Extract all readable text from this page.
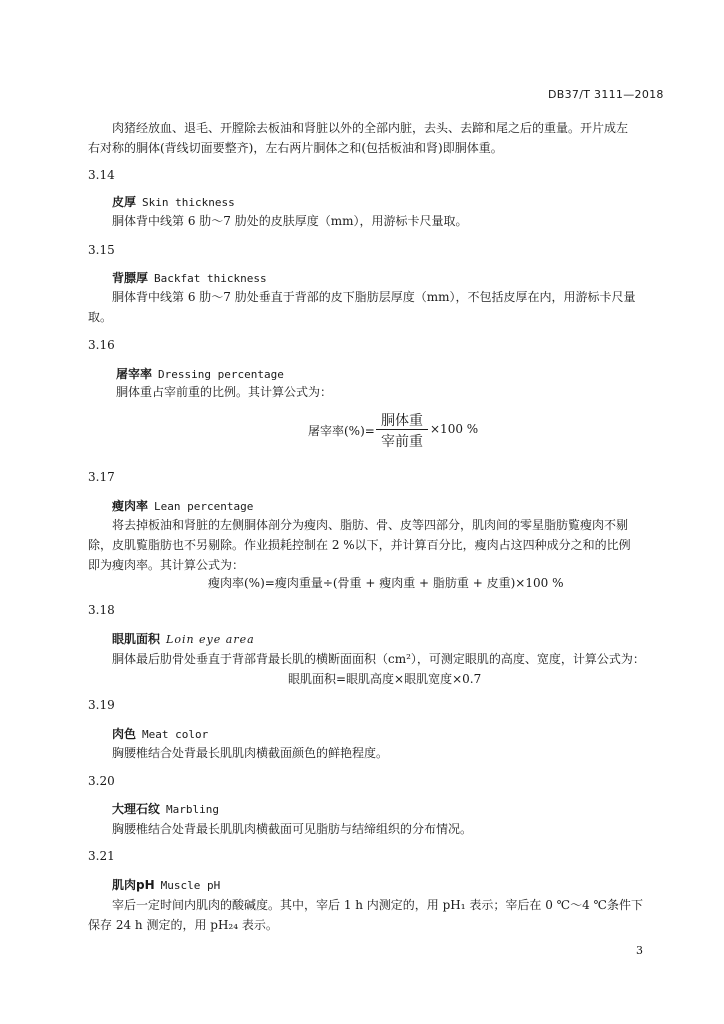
DB37/T 3111—2018
肉猪经放血、退毛、开膛除去板油和肾脏以外的全部内脏，去头、去蹄和尾之后的重量。开片成左
右对称的胴体(背线切面要整齐)，左右两片胴体之和(包括板油和肾)即胴体重。
3.14
皮厚 Skin thickness
胴体背中线第 6 肋～7 肋处的皮肤厚度（mm），用游标卡尺量取。
3.15
背膘厚 Backfat thickness
胴体背中线第 6 肋～7 肋处垂直于背部的皮下脂肪层厚度（mm），不包括皮厚在内，用游标卡尺量
取。
3.16
屠宰率 Dressing percentage
胴体重占宰前重的比例。其计算公式为：
屠宰率(%)=
胴体重
宰前重
×100 %
3.17
瘦肉率 Lean percentage
将去掉板油和肾脏的左侧胴体剖分为瘦肉、脂肪、骨、皮等四部分，肌肉间的零星脂肪覧瘦肉不剔
除，皮肌覧脂肪也不另剔除。作业损耗控制在 2 %以下，并计算百分比，瘦肉占这四种成分之和的比例
即为瘦肉率。其计算公式为：
瘦肉率(%)=瘦肉重量÷(骨重 + 瘦肉重 + 脂肪重 + 皮重)×100 %
3.18
眼肌面积 Loin eye area
胴体最后肋骨处垂直于背部背最长肌的横断面面积（cm²），可测定眼肌的高度、宽度，计算公式为：
眼肌面积=眼肌高度×眼肌宽度×0.7
3.19
肉色 Meat color
胸腰椎结合处背最长肌肌肉横截面颜色的鲜艳程度。
3.20
大理石纹 Marbling
胸腰椎结合处背最长肌肌肉横截面可见脂肪与结缔组织的分布情况。
3.21
肌肉pH Muscle pH
宰后一定时间内肌肉的酸碱度。其中，宰后 1 h 内测定的，用 pH₁ 表示；宰后在 0 ℃～4 ℃条件下
保存 24 h 测定的，用 pH₂₄ 表示。
3
